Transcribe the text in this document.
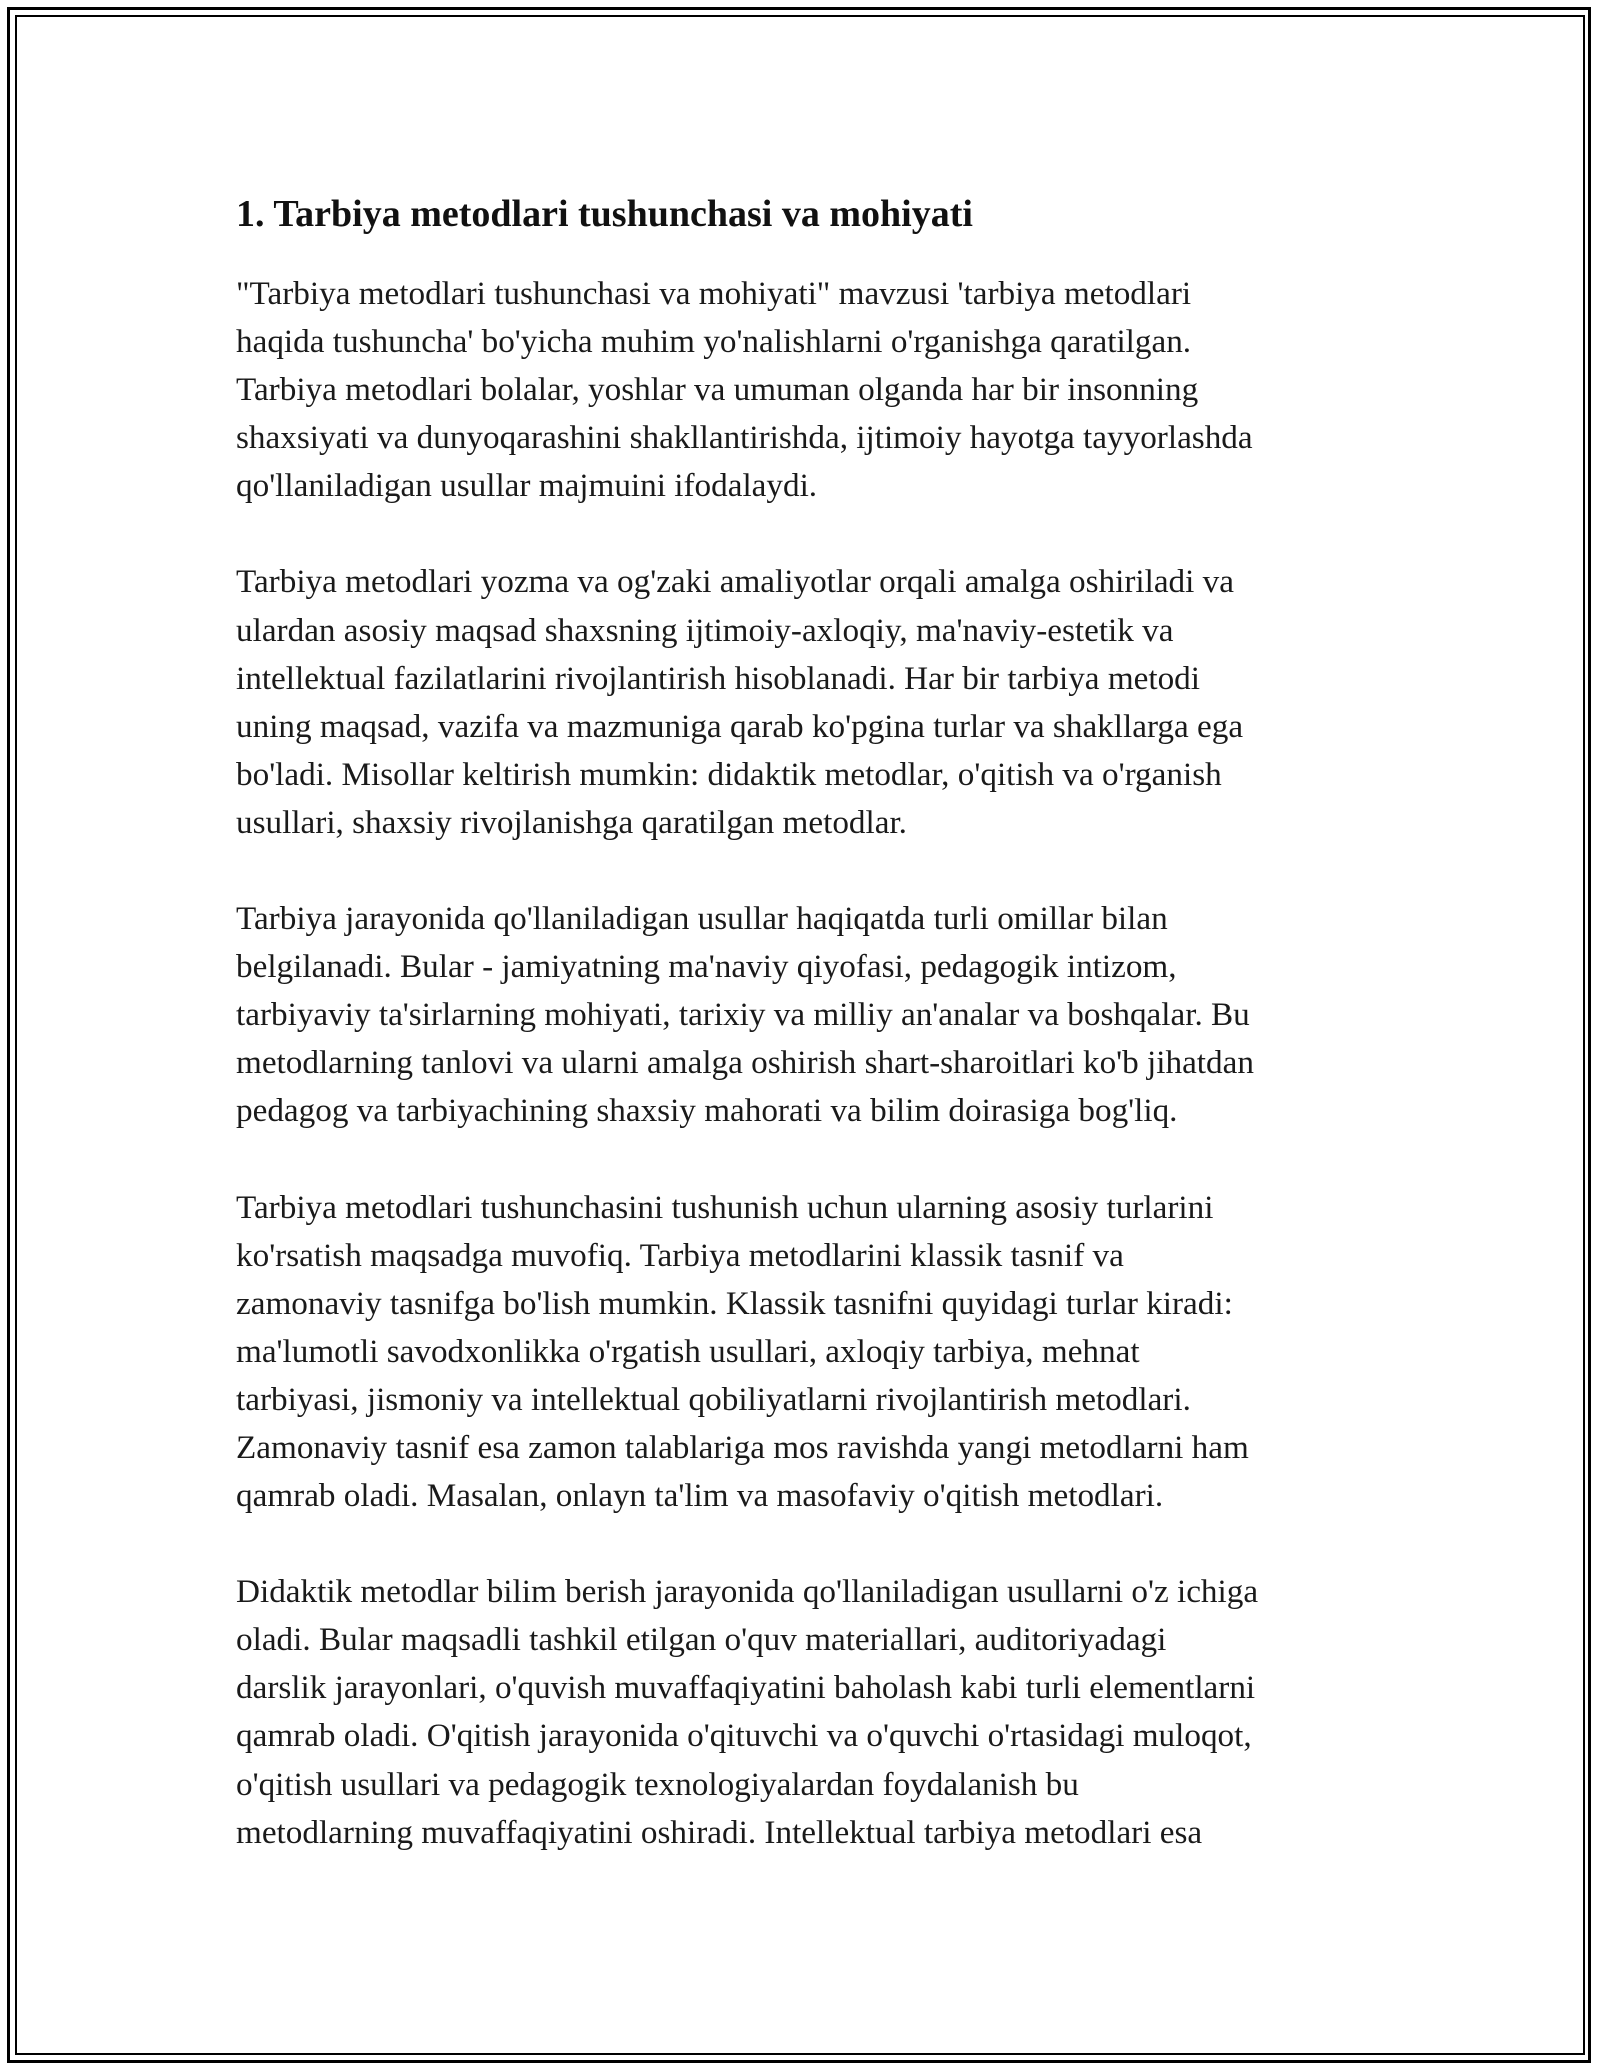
1. Tarbiya metodlari tushunchasi va mohiyati

"Tarbiya metodlari tushunchasi va mohiyati" mavzusi 'tarbiya metodlari
haqida tushuncha' bo'yicha muhim yo'nalishlarni o'rganishga qaratilgan.
Tarbiya metodlari bolalar, yoshlar va umuman olganda har bir insonning
shaxsiyati va dunyoqarashini shakllantirishda, ijtimoiy hayotga tayyorlashda
qo'llaniladigan usullar majmuini ifodalaydi.

Tarbiya metodlari yozma va og'zaki amaliyotlar orqali amalga oshiriladi va
ulardan asosiy maqsad shaxsning ijtimoiy-axloqiy, ma'naviy-estetik va
intellektual fazilatlarini rivojlantirish hisoblanadi. Har bir tarbiya metodi
uning maqsad, vazifa va mazmuniga qarab ko'pgina turlar va shakllarga ega
bo'ladi. Misollar keltirish mumkin: didaktik metodlar, o'qitish va o'rganish
usullari, shaxsiy rivojlanishga qaratilgan metodlar.

Tarbiya jarayonida qo'llaniladigan usullar haqiqatda turli omillar bilan
belgilanadi. Bular - jamiyatning ma'naviy qiyofasi, pedagogik intizom,
tarbiyaviy ta'sirlarning mohiyati, tarixiy va milliy an'analar va boshqalar. Bu
metodlarning tanlovi va ularni amalga oshirish shart-sharoitlari ko'b jihatdan
pedagog va tarbiyachining shaxsiy mahorati va bilim doirasiga bog'liq.

Tarbiya metodlari tushunchasini tushunish uchun ularning asosiy turlarini
ko'rsatish maqsadga muvofiq. Tarbiya metodlarini klassik tasnif va
zamonaviy tasnifga bo'lish mumkin. Klassik tasnifni quyidagi turlar kiradi:
ma'lumotli savodxonlikka o'rgatish usullari, axloqiy tarbiya, mehnat
tarbiyasi, jismoniy va intellektual qobiliyatlarni rivojlantirish metodlari.
Zamonaviy tasnif esa zamon talablariga mos ravishda yangi metodlarni ham
qamrab oladi. Masalan, onlayn ta'lim va masofaviy o'qitish metodlari.

Didaktik metodlar bilim berish jarayonida qo'llaniladigan usullarni o'z ichiga
oladi. Bular maqsadli tashkil etilgan o'quv materiallari, auditoriyadagi
darslik jarayonlari, o'quvish muvaffaqiyatini baholash kabi turli elementlarni
qamrab oladi. O'qitish jarayonida o'qituvchi va o'quvchi o'rtasidagi muloqot,
o'qitish usullari va pedagogik texnologiyalardan foydalanish bu
metodlarning muvaffaqiyatini oshiradi. Intellektual tarbiya metodlari esa
